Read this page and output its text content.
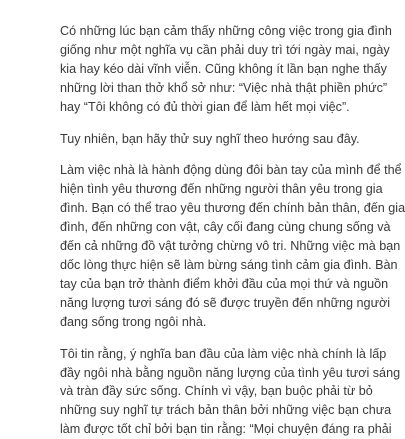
Có những lúc bạn cảm thấy những công việc trong gia đình
giống như một nghĩa vụ cần phải duy trì tới ngày mai, ngày
kia hay kéo dài vĩnh viễn. Cũng không ít lần bạn nghe thấy
những lời than thở khổ sở như: “Việc nhà thật phiền phức”
hay “Tôi không có đủ thời gian để làm hết mọi việc”.

Tuy nhiên, bạn hãy thử suy nghĩ theo hướng sau đây.

Làm việc nhà là hành động dùng đôi bàn tay của mình để thể
hiện tình yêu thương đến những người thân yêu trong gia
đình. Bạn có thể trao yêu thương đến chính bản thân, đến gia
đình, đến những con vật, cây cối đang cùng chung sống và
đến cả những đồ vật tưởng chừng vô tri. Những việc mà bạn
dốc lòng thực hiện sẽ làm bừng sáng tình cảm gia đình. Bàn
tay của bạn trở thành điểm khởi đầu của mọi thứ và nguồn
năng lượng tươi sáng đó sẽ được truyền đến những người
đang sống trong ngôi nhà.

Tôi tin rằng, ý nghĩa ban đầu của làm việc nhà chính là lấp
đầy ngôi nhà bằng nguồn năng lượng của tình yêu tươi sáng
và tràn đầy sức sống. Chính vì vậy, bạn buộc phải từ bỏ
những suy nghĩ tự trách bản thân bởi những việc bạn chưa
làm được tốt chỉ bởi bạn tin rằng: “Mọi chuyện đáng ra phải
